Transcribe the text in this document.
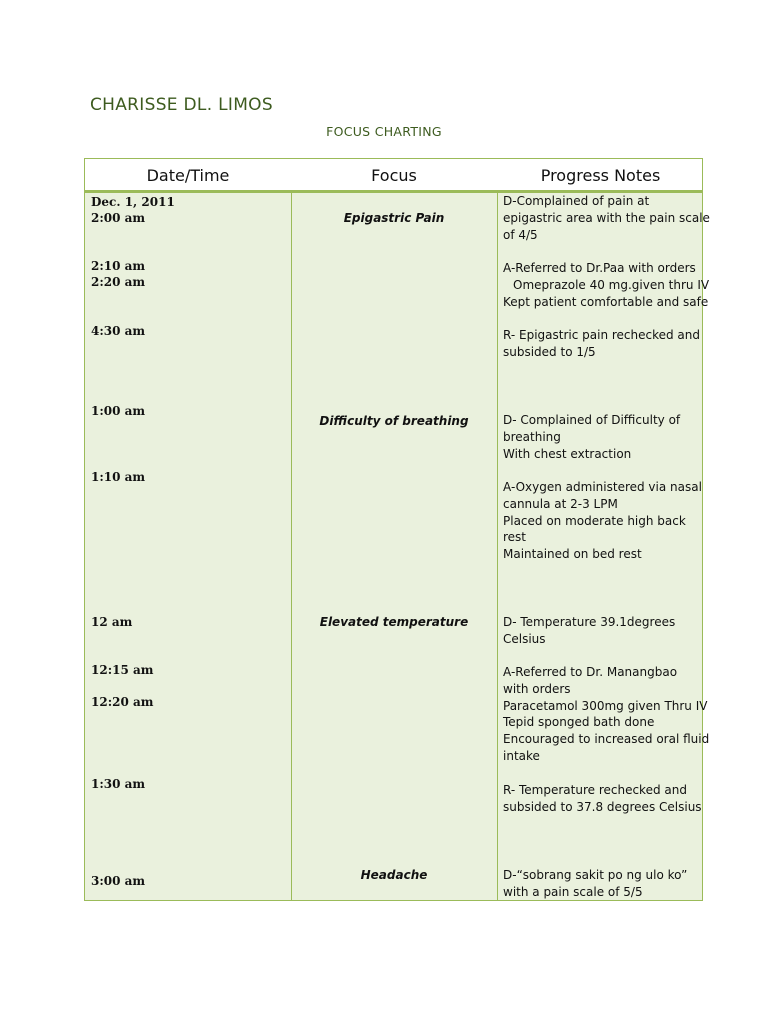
CHARISSE DL. LIMOS
FOCUS CHARTING
Date/Time	Focus	Progress Notes
Dec. 1, 2011
2:00 am
2:10 am
2:20 am
4:30 am
1:00 am
1:10 am
12 am
12:15 am
12:20 am
1:30 am
3:00 am
Epigastric Pain
Difficulty of breathing
Elevated temperature
Headache
D-Complained of pain at
epigastric area with the pain scale
of 4/5
A-Referred to Dr.Paa with orders
Omeprazole 40 mg.given thru IV
Kept patient comfortable and safe
R- Epigastric pain rechecked and
subsided to 1/5
D- Complained of Difficulty of
breathing
With chest extraction
A-Oxygen administered via nasal
cannula at 2-3 LPM
Placed on moderate high back
rest
Maintained on bed rest
D- Temperature 39.1degrees
Celsius
A-Referred to Dr. Manangbao
with orders
Paracetamol 300mg given Thru IV
Tepid sponged bath done
Encouraged to increased oral fluid
intake
R- Temperature rechecked and
subsided to 37.8 degrees Celsius
D-“sobrang sakit po ng ulo ko”
with a pain scale of 5/5
